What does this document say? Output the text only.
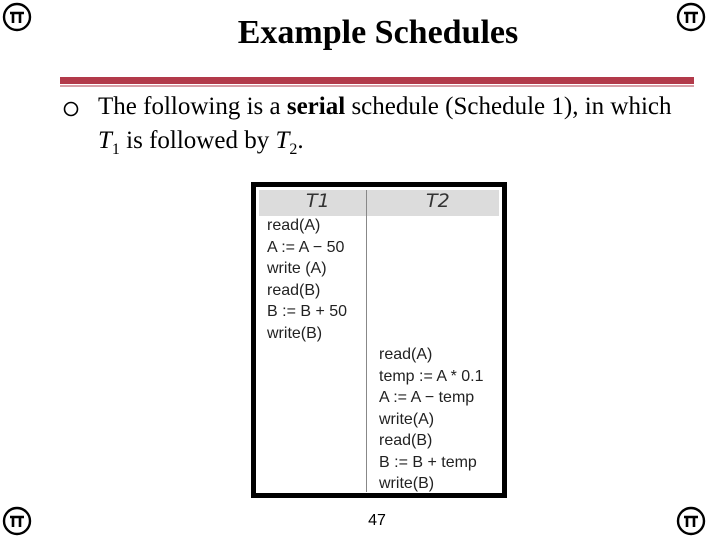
Example Schedules
The following is a serial schedule (Schedule 1), in which $T_1$ is followed by $T_2$.
T1	T2
read(A)
A := A − 50
write (A)
read(B)
B := B + 50
write(B)
read(A)
temp := A * 0.1
A := A − temp
write(A)
read(B)
B := B + temp
write(B)
47
